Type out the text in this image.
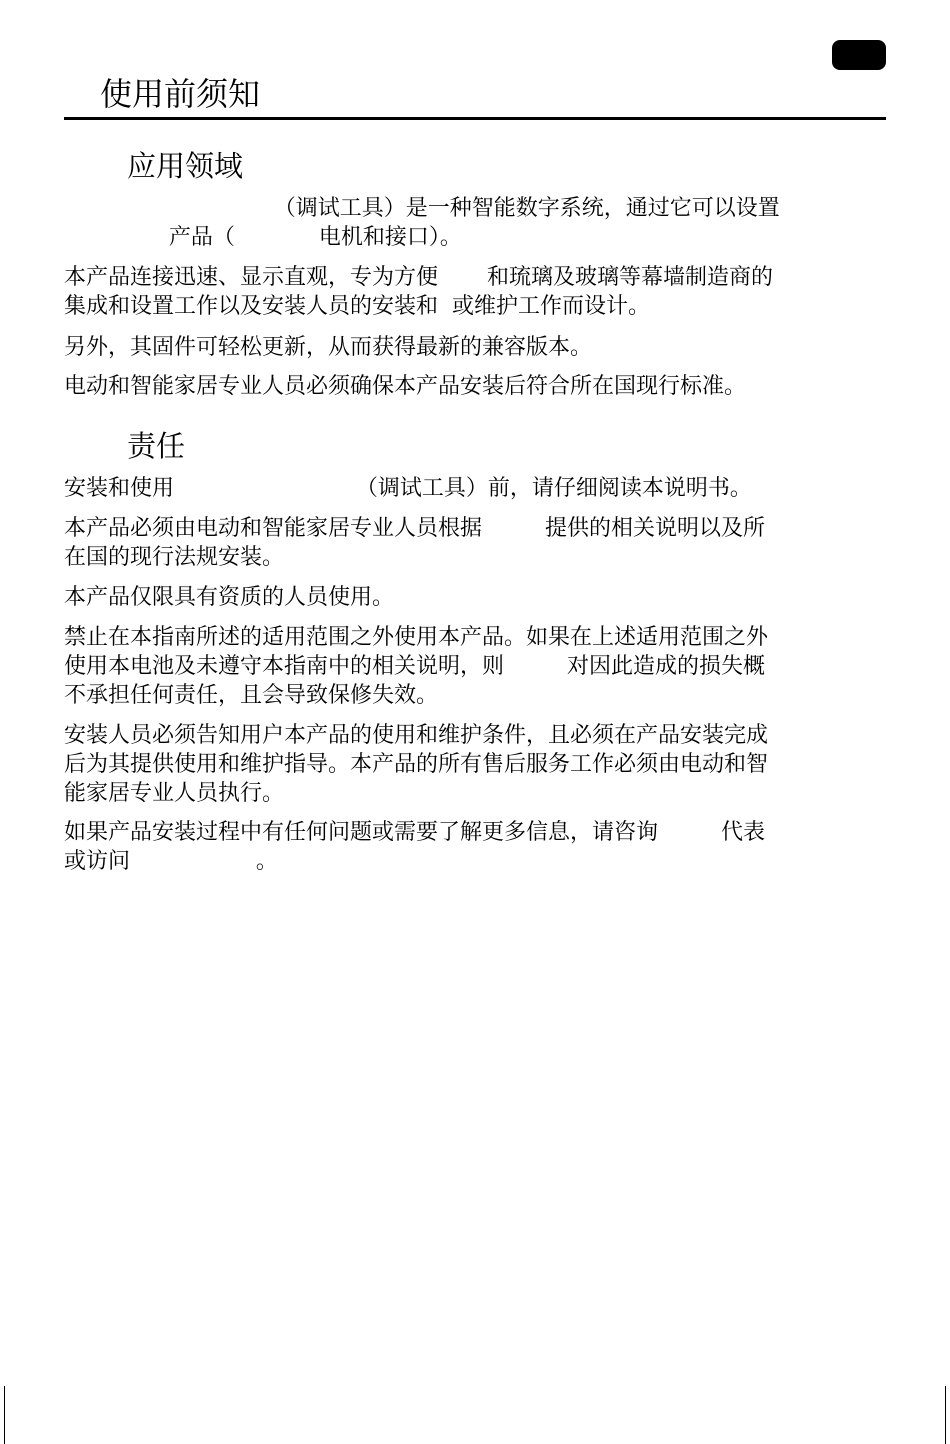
使用前须知
应用领域

（调试工具）是一种智能数字系统，通过它可以设置
产品（            电机和接口）。

本产品连接迅速、显示直观，专为方便       和琉璃及玻璃等幕墙制造商的
集成和设置工作以及安装人员的安装和  或维护工作而设计。

另外，其固件可轻松更新，从而获得最新的兼容版本。

电动和智能家居专业人员必须确保本产品安装后符合所在国现行标准。

责任

安装和使用                          （调试工具）前，请仔细阅读本说明书。

本产品必须由电动和智能家居专业人员根据         提供的相关说明以及所
在国的现行法规安装。

本产品仅限具有资质的人员使用。

禁止在本指南所述的适用范围之外使用本产品。如果在上述适用范围之外
使用本电池及未遵守本指南中的相关说明，则         对因此造成的损失概
不承担任何责任，且会导致保修失效。

安装人员必须告知用户本产品的使用和维护条件，且必须在产品安装完成
后为其提供使用和维护指导。本产品的所有售后服务工作必须由电动和智
能家居专业人员执行。

如果产品安装过程中有任何问题或需要了解更多信息，请咨询         代表
或访问                  。
